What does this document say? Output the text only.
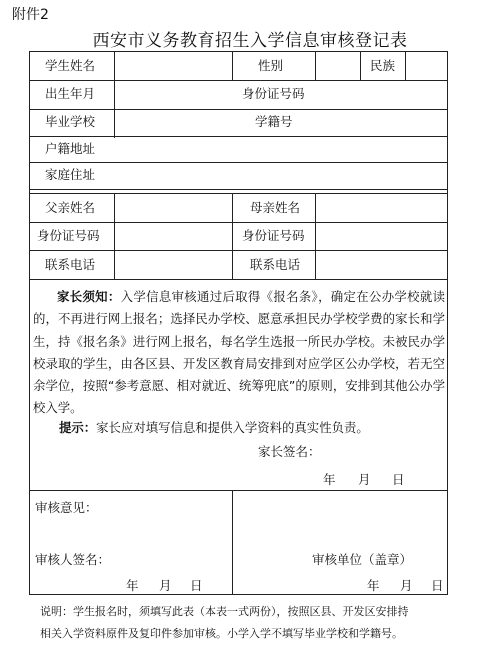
附件2
西安市义务教育招生入学信息审核登记表
学生姓名	性别	民族
出生年月	身份证号码
毕业学校	学籍号
户籍地址
家庭住址
父亲姓名	母亲姓名
身份证号码	身份证号码
联系电话	联系电话
家长须知：入学信息审核通过后取得《报名条》，确定在公办学校就读的，不再进行网上报名；选择民办学校、愿意承担民办学校学费的家长和学生，持《报名条》进行网上报名，每名学生选报一所民办学校。未被民办学校录取的学生，由各区县、开发区教育局安排到对应学区公办学校，若无空余学位，按照“参考意愿、相对就近、统筹兜底”的原则，安排到其他公办学校入学。
提示：家长应对填写信息和提供入学资料的真实性负责。
家长签名：
年 月 日
审核意见：
审核人签名：
年 月 日
审核单位（盖章）
年 月 日
说明：学生报名时，须填写此表（本表一式两份），按照区县、开发区安排持
相关入学资料原件及复印件参加审核。小学入学不填写毕业学校和学籍号。
